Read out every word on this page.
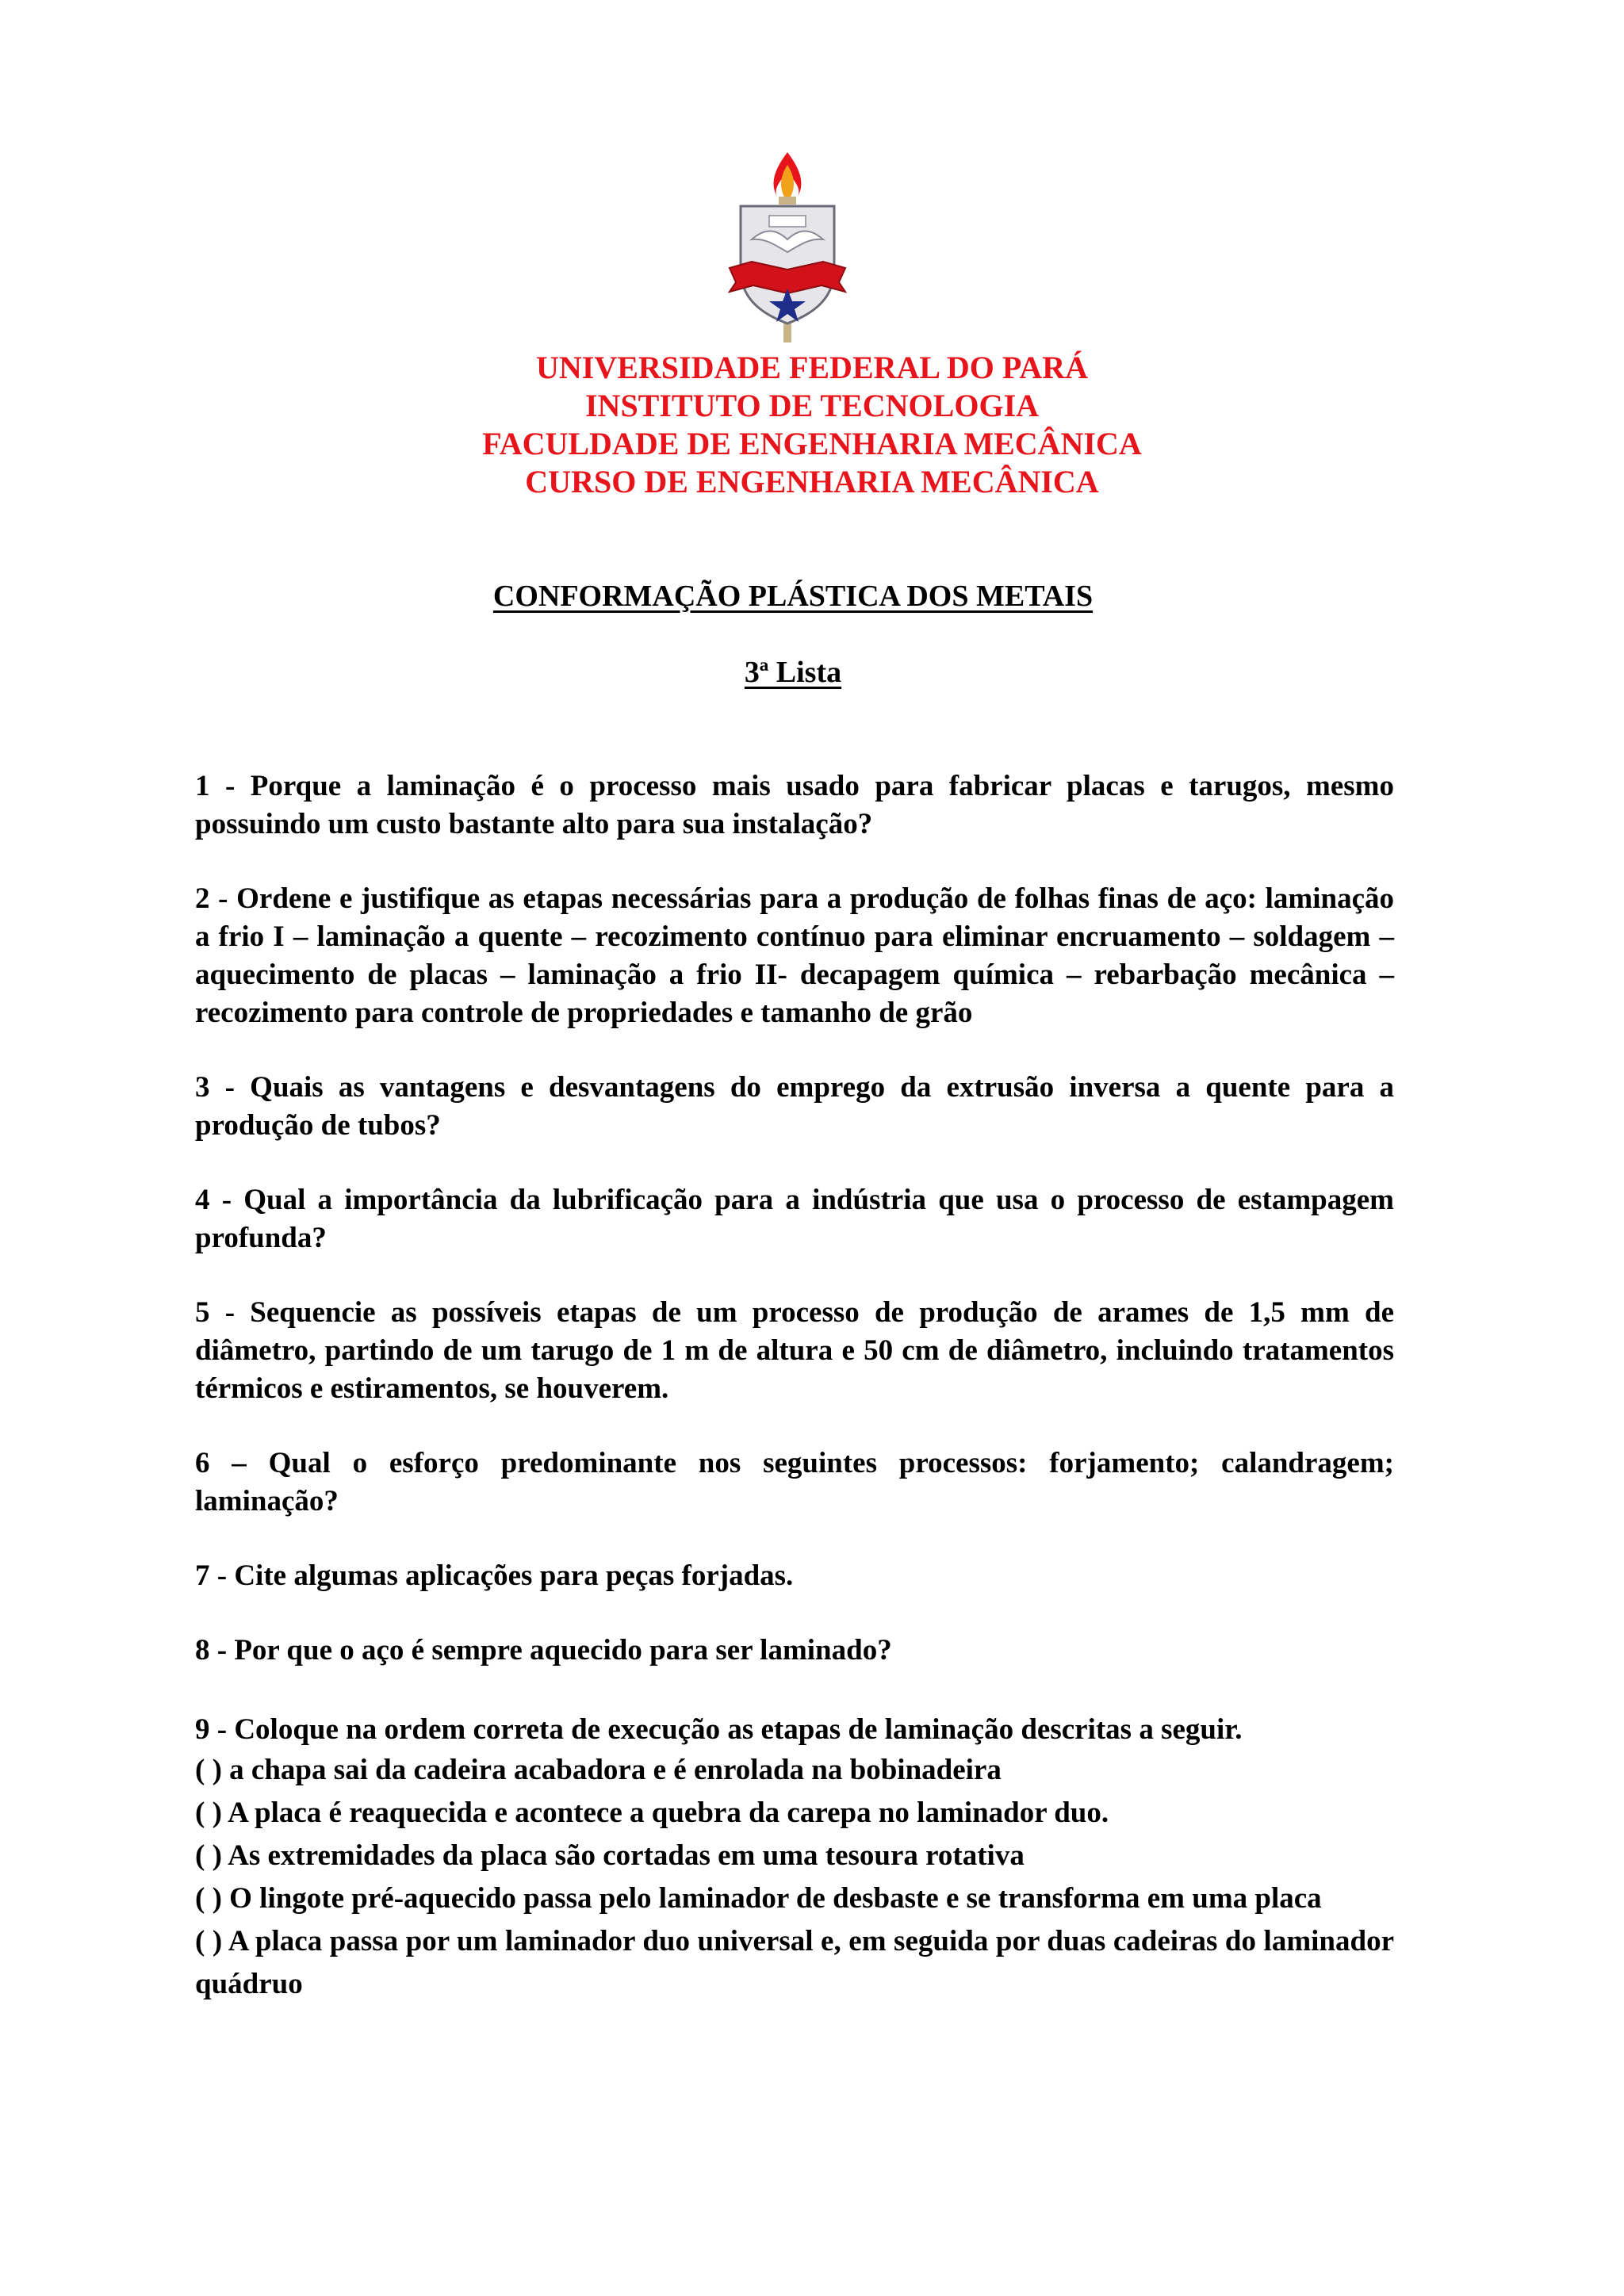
UNIVERSIDADE FEDERAL DO PARÁ
INSTITUTO DE TECNOLOGIA
FACULDADE DE ENGENHARIA MECÂNICA
CURSO DE ENGENHARIA MECÂNICA
CONFORMAÇÃO PLÁSTICA DOS METAIS
3ª Lista

1 - Porque a laminação é o processo mais usado para fabricar placas e tarugos, mesmo possuindo um custo bastante alto para sua instalação?

2 - Ordene e justifique as etapas necessárias para a produção de folhas finas de aço: laminação a frio I – laminação a quente – recozimento contínuo para eliminar encruamento – soldagem – aquecimento de placas – laminação a frio II- decapagem química – rebarbação mecânica – recozimento para controle de propriedades e tamanho de grão

3 - Quais as vantagens e desvantagens do emprego da extrusão inversa a quente para a produção de tubos?

4 - Qual a importância da lubrificação para a indústria que usa o processo de estampagem profunda?

5 - Sequencie as possíveis etapas de um processo de produção de arames de 1,5 mm de diâmetro, partindo de um tarugo de 1 m de altura e 50 cm de diâmetro, incluindo tratamentos térmicos e estiramentos, se houverem.

6 – Qual o esforço predominante nos seguintes processos: forjamento; calandragem; laminação?

7 - Cite algumas aplicações para peças forjadas.

8 - Por que o aço é sempre aquecido para ser laminado?

9 - Coloque na ordem correta de execução as etapas de laminação descritas a seguir.

( ) a chapa sai da cadeira acabadora e é enrolada na bobinadeira

( ) A placa é reaquecida e acontece a quebra da carepa no laminador duo.

( ) As extremidades da placa são cortadas em uma tesoura rotativa

( ) O lingote pré-aquecido passa pelo laminador de desbaste e se transforma em uma placa

( ) A placa passa por um laminador duo universal e, em seguida por duas cadeiras do laminador quádruo
